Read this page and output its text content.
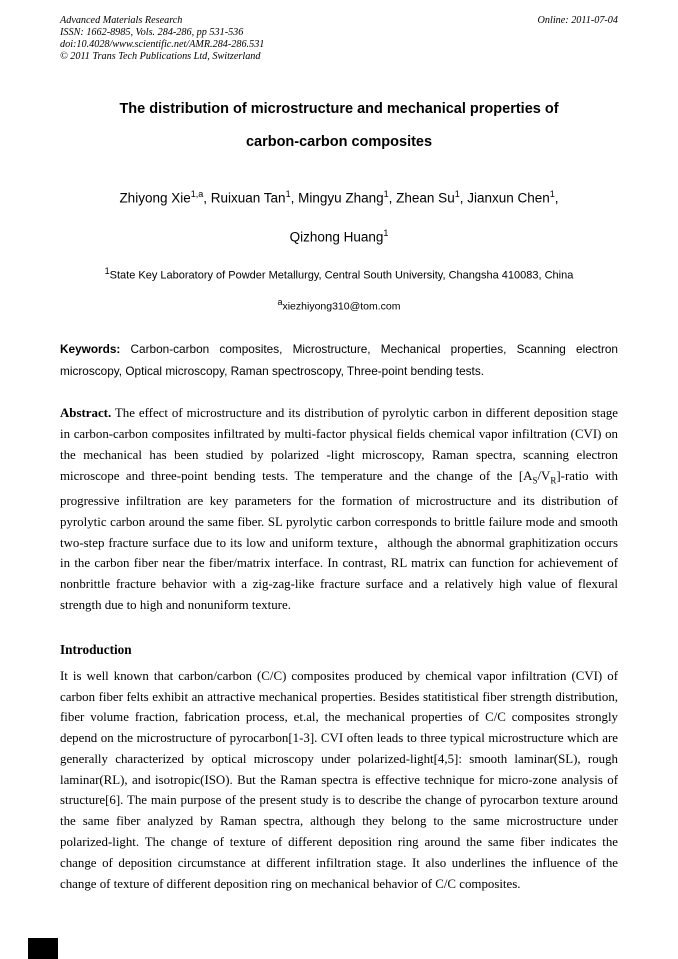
Advanced Materials Research
ISSN: 1662-8985, Vols. 284-286, pp 531-536
doi:10.4028/www.scientific.net/AMR.284-286.531
© 2011 Trans Tech Publications Ltd, Switzerland
Online: 2011-07-04
The distribution of microstructure and mechanical properties of
carbon-carbon composites
Zhiyong Xie$^{1,a}$, Ruixuan Tan$^1$, Mingyu Zhang$^1$, Zhean Su$^1$, Jianxun Chen$^1$,
Qizhong Huang$^1$
$^1$State Key Laboratory of Powder Metallurgy, Central South University, Changsha 410083, China
$^a$xiezhiyong310@tom.com

Keywords: Carbon-carbon composites, Microstructure, Mechanical properties, Scanning electron microscopy, Optical microscopy, Raman spectroscopy, Three-point bending tests.

Abstract. The effect of microstructure and its distribution of pyrolytic carbon in different deposition stage in carbon-carbon composites infiltrated by multi-factor physical fields chemical vapor infiltration (CVI) on the mechanical has been studied by polarized -light microscopy, Raman spectra, scanning electron microscope and three-point bending tests. The temperature and the change of the $[A_S/V_R]$-ratio with progressive infiltration are key parameters for the formation of microstructure and its distribution of pyrolytic carbon around the same fiber. SL pyrolytic carbon corresponds to brittle failure mode and smooth two-step fracture surface due to its low and uniform texture，although the abnormal graphitization occurs in the carbon fiber near the fiber/matrix interface. In contrast, RL matrix can function for achievement of nonbrittle fracture behavior with a zig-zag-like fracture surface and a relatively high value of flexural strength due to high and nonuniform texture.

Introduction

It is well known that carbon/carbon (C/C) composites produced by chemical vapor infiltration (CVI) of carbon fiber felts exhibit an attractive mechanical properties. Besides statitistical fiber strength distribution, fiber volume fraction, fabrication process, et.al, the mechanical properties of C/C composites strongly depend on the microstructure of pyrocarbon[1-3]. CVI often leads to three typical microstructure which are generally characterized by optical microscopy under polarized-light[4,5]: smooth laminar(SL), rough laminar(RL), and isotropic(ISO). But the Raman spectra is effective technique for micro-zone analysis of structure[6]. The main purpose of the present study is to describe the change of pyrocarbon texture around the same fiber analyzed by Raman spectra, although they belong to the same microstructure under polarized-light. The change of texture of different deposition ring around the same fiber indicates the change of deposition circumstance at different infiltration stage. It also underlines the influence of the change of texture of different deposition ring on mechanical behavior of C/C composites.
